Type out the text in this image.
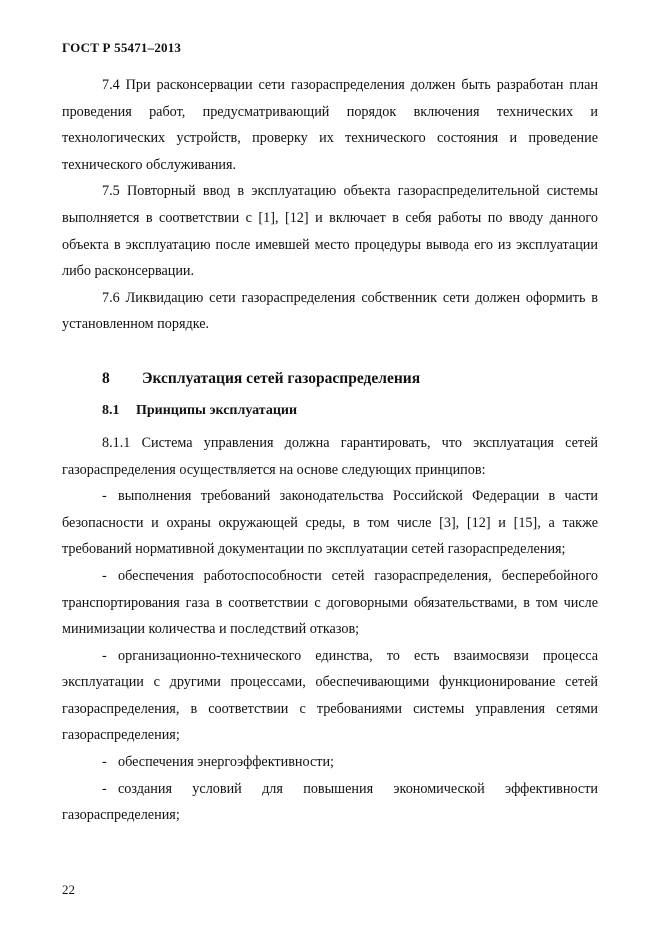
ГОСТ Р 55471–2013

7.4 При расконсервации сети газораспределения должен быть разработан план проведения работ, предусматривающий порядок включения технических и технологических устройств, проверку их технического состояния и проведение технического обслуживания.

7.5 Повторный ввод в эксплуатацию объекта газораспределительной системы выполняется в соответствии с [1], [12] и включает в себя работы по вводу данного объекта в эксплуатацию после имевшей место процедуры вывода его из эксплуатации либо расконсервации.

7.6 Ликвидацию сети газораспределения собственник сети должен оформить в установленном порядке.

8 Эксплуатация сетей газораспределения
8.1 Принципы эксплуатации

8.1.1 Система управления должна гарантировать, что эксплуатация сетей газораспределения осуществляется на основе следующих принципов:

- выполнения требований законодательства Российской Федерации в части безопасности и охраны окружающей среды, в том числе [3], [12] и [15], а также требований нормативной документации по эксплуатации сетей газораспределения;

- обеспечения работоспособности сетей газораспределения, бесперебойного транспортирования газа в соответствии с договорными обязательствами, в том числе минимизации количества и последствий отказов;

- организационно-технического единства, то есть взаимосвязи процесса эксплуатации с другими процессами, обеспечивающими функционирование сетей газораспределения, в соответствии с требованиями системы управления сетями газораспределения;

- обеспечения энергоэффективности;

- создания условий для повышения экономической эффективности газораспределения;

22
